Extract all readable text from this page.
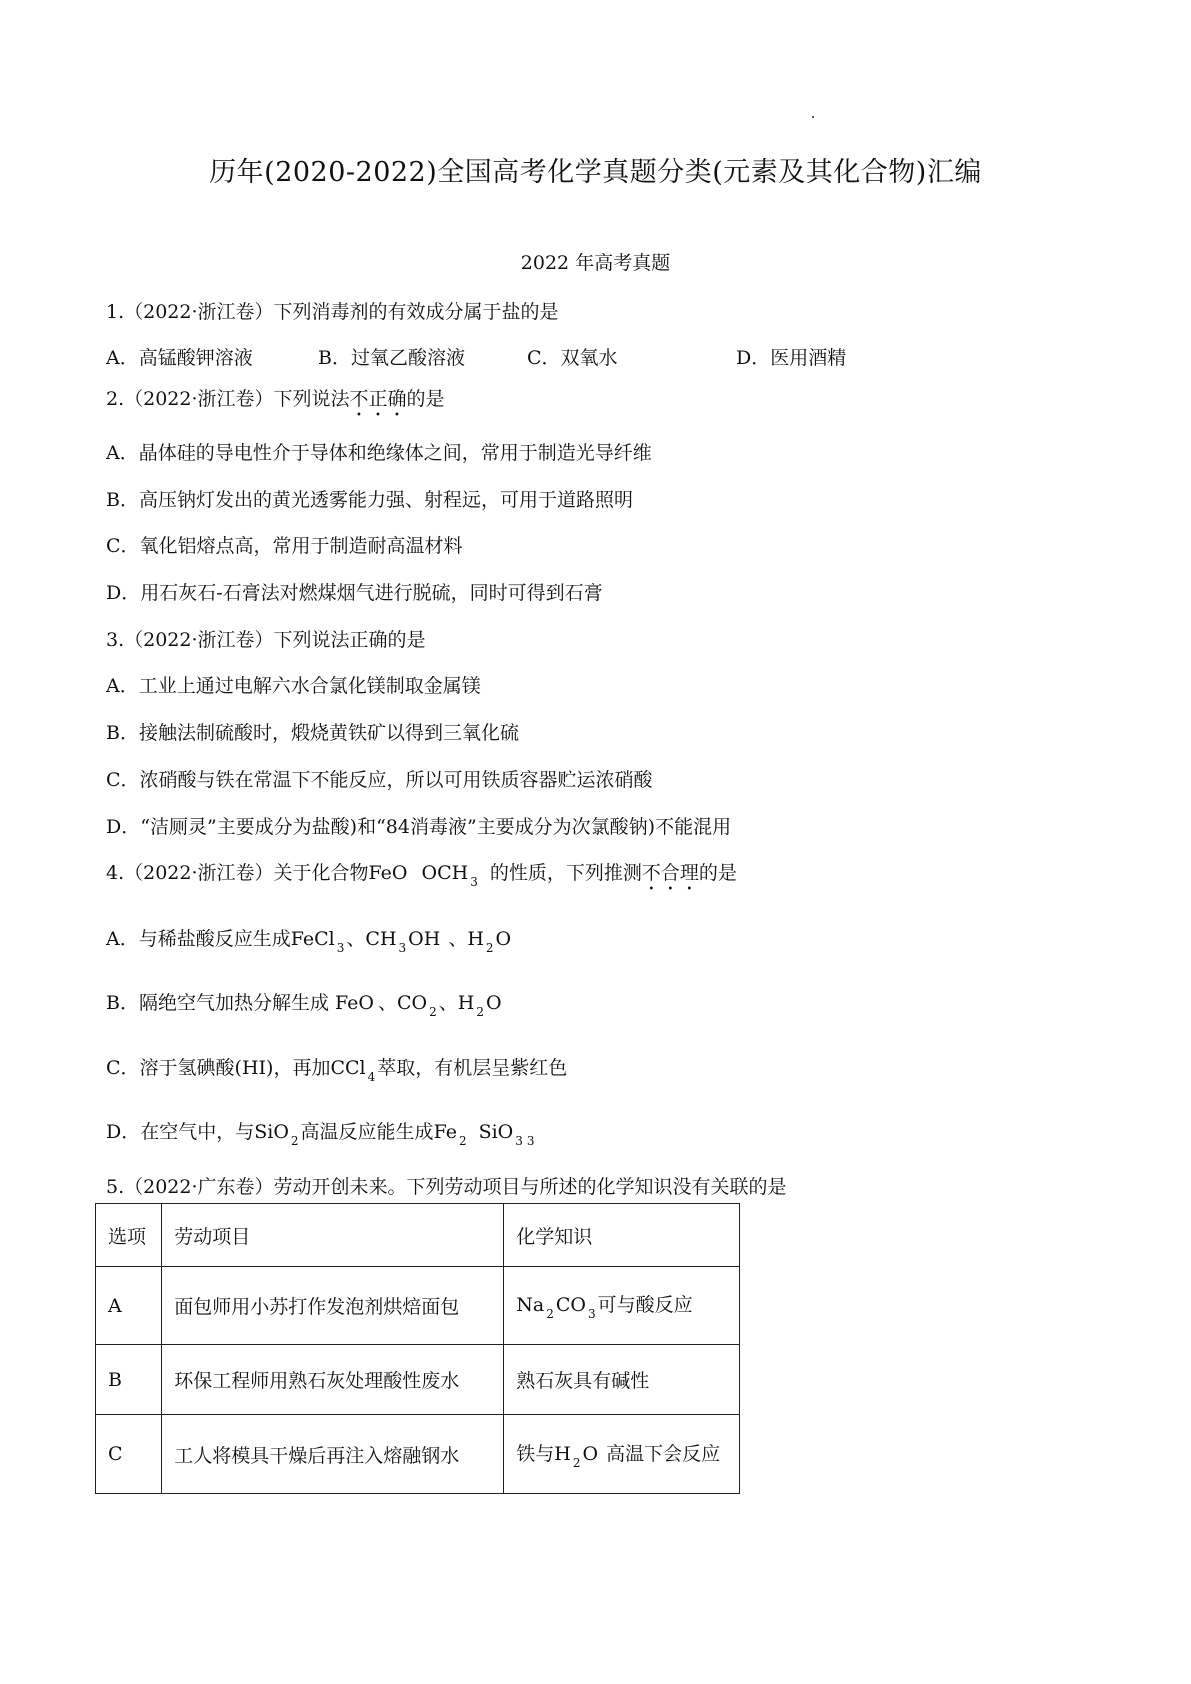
历年(2020-2022)全国高考化学真题分类(元素及其化合物)汇编
2022 年高考真题
1.（2022·浙江卷）下列消毒剂的有效成分属于盐的是
A．高锰酸钾溶液	B．过氧乙酸溶液	C．双氧水	D．医用酒精
2.（2022·浙江卷）下列说法不正确的是
A．晶体硅的导电性介于导体和绝缘体之间，常用于制造光导纤维
B．高压钠灯发出的黄光透雾能力强、射程远，可用于道路照明
C．氧化铝熔点高，常用于制造耐高温材料
D．用石灰石-石膏法对燃煤烟气进行脱硫，同时可得到石膏
3.（2022·浙江卷）下列说法正确的是
A．工业上通过电解六水合氯化镁制取金属镁
B．接触法制硫酸时，煅烧黄铁矿以得到三氧化硫
C．浓硝酸与铁在常温下不能反应，所以可用铁质容器贮运浓硝酸
D．“洁厕灵”主要成分为盐酸)和“84消毒液”主要成分为次氯酸钠)不能混用
4.（2022·浙江卷）关于化合物FeO OCH $_3$ 的性质，下列推测不合理的是
A．与稀盐酸反应生成FeCl $_3$ 、CH $_3$ OH 、H $_2$ O
B．隔绝空气加热分解生成 FeO 、CO $_2$ 、H $_2$ O
C．溶于氢碘酸(HI)，再加CCl $_4$ 萃取，有机层呈紫红色
D．在空气中，与SiO $_2$ 高温反应能生成Fe $_2$ SiO $_3$ $_3$
5.（2022·广东卷）劳动开创未来。下列劳动项目与所述的化学知识没有关联的是
选项	劳动项目	化学知识
A	面包师用小苏打作发泡剂烘焙面包	Na $_2$ CO $_3$ 可与酸反应
B	环保工程师用熟石灰处理酸性废水	熟石灰具有碱性
C	工人将模具干燥后再注入熔融钢水	铁与H $_2$ O 高温下会反应
